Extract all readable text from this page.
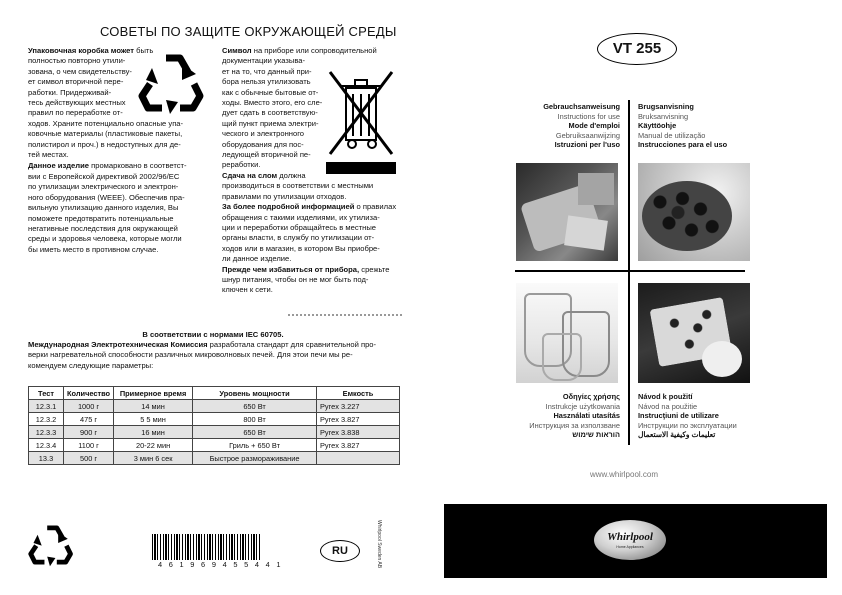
СОВЕТЫ ПО ЗАЩИТЕ ОКРУЖАЮЩЕЙ СРЕДЫ
Упаковочная коробка может быть
полностью повторно утили-
зована, о чем свидетельству-
ет символ вторичной пере-
работки. Придерживай-
тесь действующих местных
правил по переработке от-
ходов. Храните потенциально опасные упа-
ковочные материалы (пластиковые пакеты,
полистирол и проч.) в недоступных для де-
тей местах.
Данное изделие промарковано в соответст-
вии с Европейской директивой 2002/96/ЕС
по утилизации электрического и электрон-
ного оборудования (WEEE). Обеспечив пра-
вильную утилизацию данного изделия, Вы
поможете предотвратить потенциальные
негативные последствия для окружающей
среды и здоровья человека, которые могли
бы иметь место в противном случае.
Символ на приборе или сопроводительной
документации указыва-
ет на то, что данный при-
бора нельзя утилизовать
как с обычные бытовые от-
ходы. Вместо этого, его сле-
дует сдать в соответствую-
щий пункт приема электри-
ческого и электронного
оборудования для пос-
ледующей вторичной пе-
реработки.
Сдача на слом должна
производиться в соответствии с местными
правилами по утилизации отходов.
За более подробной информацией о правилах
обращения с такими изделиями, их утилиза-
ции и переработки обращайтесь в местные
органы власти, в службу по утилизации от-
ходов или в магазин, в котором Вы приобре-
ли данное изделие.
Прежде чем избавиться от прибора, срежьте
шнур питания, чтобы он не мог быть под-
ключен к сети.
В соответствии с нормами IEC 60705.
Международная Электротехническая Комиссия разработала стандарт для сравнительной про-
верки нагревательной способности различных микроволновых печей. Для этои печи мы ре-
комендуем следующие параметры:
Тест	Количество	Примерное время	Уровень мощности	Емкость
12.3.1	1000 г	14 мин	650 Вт	Pyrex 3.227
12.3.2	475 г	5 5 мин	800 Вт	Pyrex 3.827
12.3.3	900 г	16 мин	650 Вт	Pyrex 3.838
12.3.4	1100 г	20-22 мин	Гриль + 650 Вт	Pyrex 3.827
13.3	500 г	3 мин 6 сек	Быстрое размораживание	
4 6 1 9 6 9 4 5 5 4 4 1
RU	Whirlpool Sweden AB
VT 255
Gebrauchsanweisung
Instructions for use
Mode d'emploi
Gebruiksaanwijzing
Istruzioni per l'uso
Brugsanvisning
Bruksanvisning
Käyttöohje
Manual de utilização
Instrucciones para el uso
Οδηγίες χρήσης
Instrukcje użytkowania
Használati utasítás
Инструкция за използване
הוראות שימוש
Návod k použití
Návod na použitie
Instrucţiuni de utilizare
Инструкции по эксплуатации
تعليمات وكيفية الاستعمال
www.whirlpool.com
Whirlpool
Home Appliances
